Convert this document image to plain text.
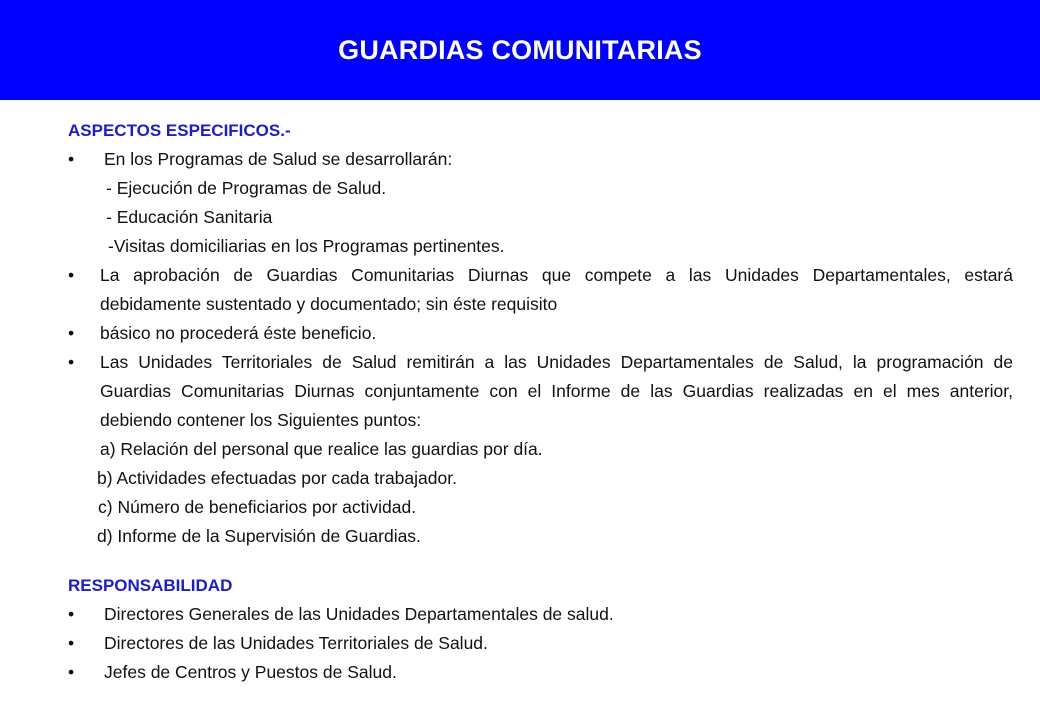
GUARDIAS COMUNITARIAS

ASPECTOS ESPECIFICOS.-

• En los Programas de Salud se desarrollarán:
- Ejecución de Programas de Salud.
- Educación Sanitaria
-Visitas domiciliarias en los Programas pertinentes.
• La aprobación de Guardias Comunitarias Diurnas que compete a las Unidades Departamentales, estará debidamente sustentado y documentado; sin éste requisito
• básico no procederá éste beneficio.
• Las Unidades Territoriales de Salud remitirán a las Unidades Departamentales de Salud, la programación de Guardias Comunitarias Diurnas conjuntamente con el Informe de las Guardias realizadas en el mes anterior, debiendo contener los Siguientes puntos:
a) Relación del personal que realice las guardias por día.
b) Actividades efectuadas por cada trabajador.
c) Número de beneficiarios por actividad.
d) Informe de la Supervisión de Guardias.

RESPONSABILIDAD

• Directores Generales de las Unidades Departamentales de salud.
• Directores de las Unidades Territoriales de Salud.
• Jefes de Centros y Puestos de Salud.
